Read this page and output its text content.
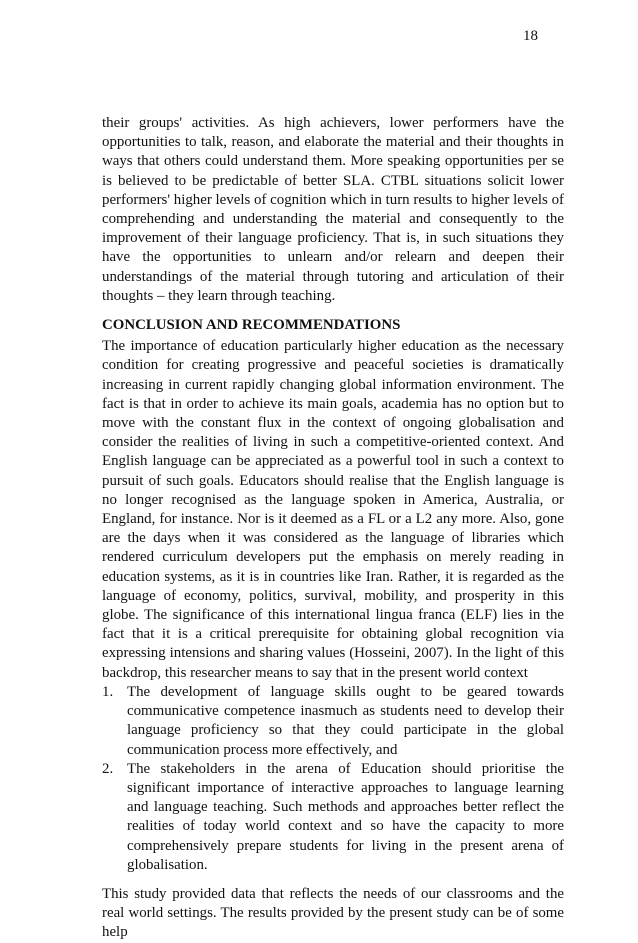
18

their groups' activities. As high achievers, lower performers have the opportunities to talk, reason, and elaborate the material and their thoughts in ways that others could understand them. More speaking opportunities per se is believed to be predictable of better SLA. CTBL situations solicit lower performers' higher levels of cognition which in turn results to higher levels of comprehending and understanding the material and consequently to the improvement of their language proficiency. That is, in such situations they have the opportunities to unlearn and/or relearn and deepen their understandings of the material through tutoring and articulation of their thoughts – they learn through teaching.

CONCLUSION AND RECOMMENDATIONS

The importance of education particularly higher education as the necessary condition for creating progressive and peaceful societies is dramatically increasing in current rapidly changing global information environment. The fact is that in order to achieve its main goals, academia has no option but to move with the constant flux in the context of ongoing globalisation and consider the realities of living in such a competitive-oriented context. And English language can be appreciated as a powerful tool in such a context to pursuit of such goals. Educators should realise that the English language is no longer recognised as the language spoken in America, Australia, or England, for instance. Nor is it deemed as a FL or a L2 any more. Also, gone are the days when it was considered as the language of libraries which rendered curriculum developers put the emphasis on merely reading in education systems, as it is in countries like Iran. Rather, it is regarded as the language of economy, politics, survival, mobility, and prosperity in this globe. The significance of this international lingua franca (ELF) lies in the fact that it is a critical prerequisite for obtaining global recognition via expressing intensions and sharing values (Hosseini, 2007). In the light of this backdrop, this researcher means to say that in the present world context

1. The development of language skills ought to be geared towards communicative competence inasmuch as students need to develop their language proficiency so that they could participate in the global communication process more effectively, and
2. The stakeholders in the arena of Education should prioritise the significant importance of interactive approaches to language learning and language teaching. Such methods and approaches better reflect the realities of today world context and so have the capacity to more comprehensively prepare students for living in the present arena of globalisation.

This study provided data that reflects the needs of our classrooms and the real world settings. The results provided by the present study can be of some help
